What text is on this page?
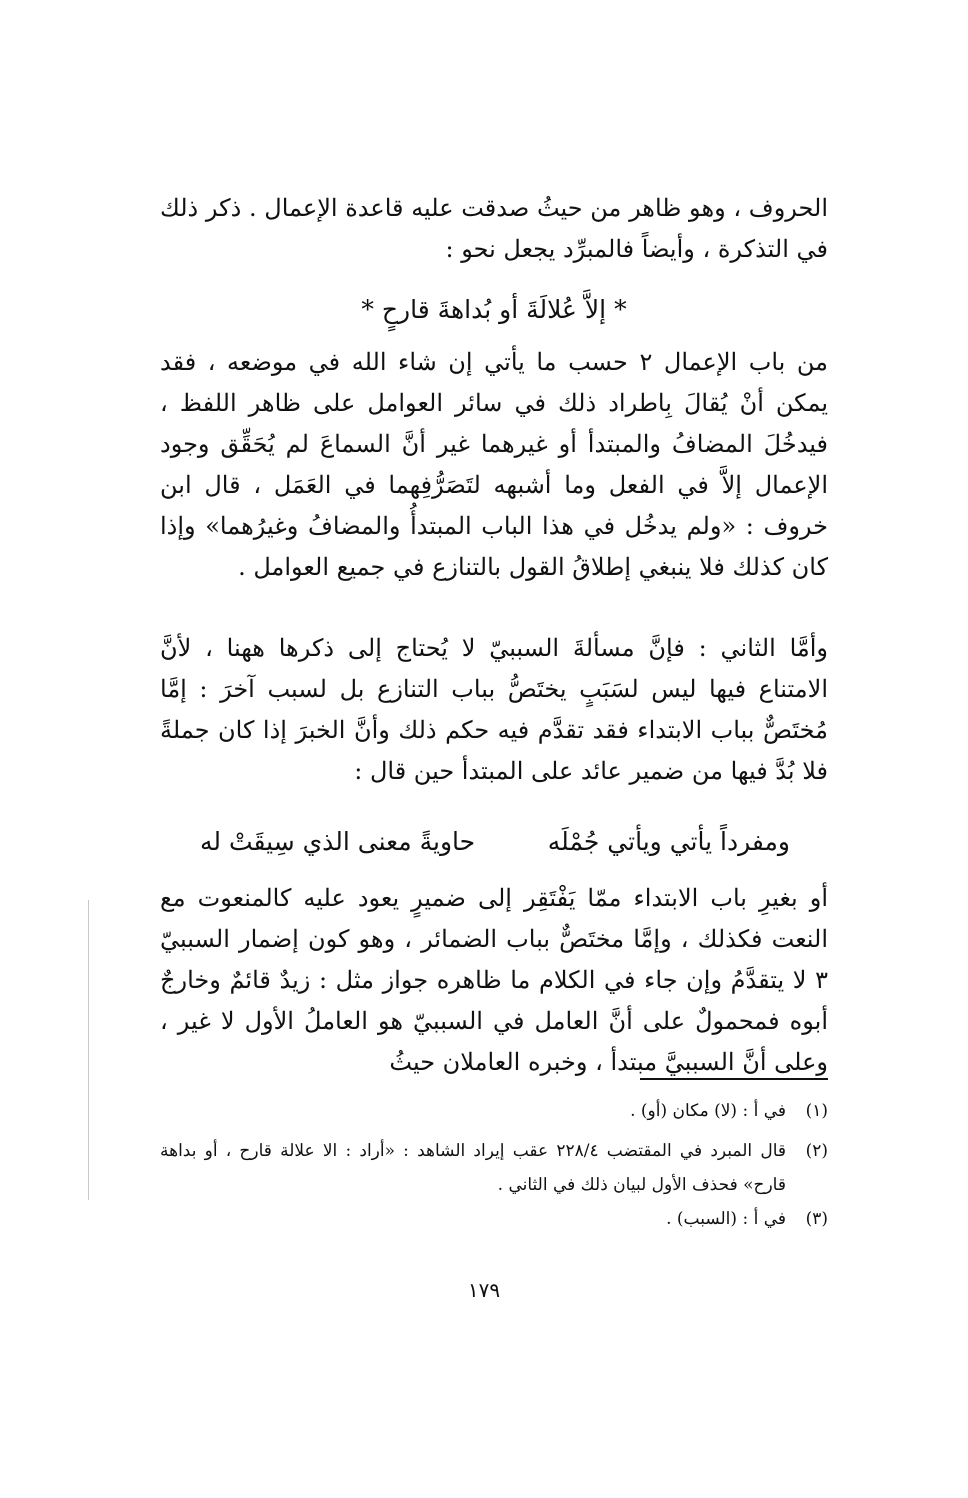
الحروف ، وهو ظاهر من حيثُ صدقت عليه قاعدة الإعمال . ذكر ذلك في التذكرة ، وأيضاً فالمبرِّد يجعل نحو :

* إلاَّ عُلالَةَ أو بُداهةَ قارحٍ *

من باب الإعمال ٢ حسب ما يأتي إن شاء الله في موضعه ، فقد يمكن أنْ يُقالَ بِاطراد ذلك في سائر العوامل على ظاهر اللفظ ، فيدخُلَ المضافُ والمبتدأ أو غيرهما غير أنَّ السماعَ لم يُحَقِّق وجود الإعمال إلاَّ في الفعل وما أشبهه لتَصَرُّفِهما في العَمَل ، قال ابن خروف : «ولم يدخُل في هذا الباب المبتدأُ والمضافُ وغيرُهما» وإذا كان كذلك فلا ينبغي إطلاقُ القول بالتنازع في جميع العوامل .

وأمَّا الثاني : فإنَّ مسألةَ السببيّ لا يُحتاج إلى ذكرها ههنا ، لأنَّ الامتناع فيها ليس لسَبَبٍ يختَصُّ بباب التنازع بل لسبب آخرَ : إمَّا مُختَصٌّ بباب الابتداء فقد تقدَّم فيه حكم ذلك وأنَّ الخبرَ إذا كان جملةً فلا بُدَّ فيها من ضمير عائد على المبتدأ حين قال :

ومفرداً يأتي ويأتي جُمْلَه
حاويةً معنى الذي سِيقَتْ له

أو بغيرِ باب الابتداء ممّا يَفْتَقِر إلى ضميرٍ يعود عليه كالمنعوت مع النعت فكذلك ، وإمَّا مختَصٌّ بباب الضمائر ، وهو كون إضمار السببيّ ٣ لا يتقدَّمُ وإن جاء في الكلام ما ظاهره جواز مثل : زيدٌ قائمٌ وخارجٌ أبوه فمحمولٌ على أنَّ العامل في السببيّ هو العاملُ الأول لا غير ، وعلى أنَّ السببيَّ مبتدأ ، وخبره العاملان حيثُ

(١)
في أ : (لا) مكان (أو) .
(٢)
قال المبرد في المقتضب ٢٢٨/٤ عقب إيراد الشاهد : «أراد : الا علالة قارح ، أو بداهة قارح» فحذف الأول لبيان ذلك في الثاني .
(٣)
في أ : (السبب) .
١٧٩
